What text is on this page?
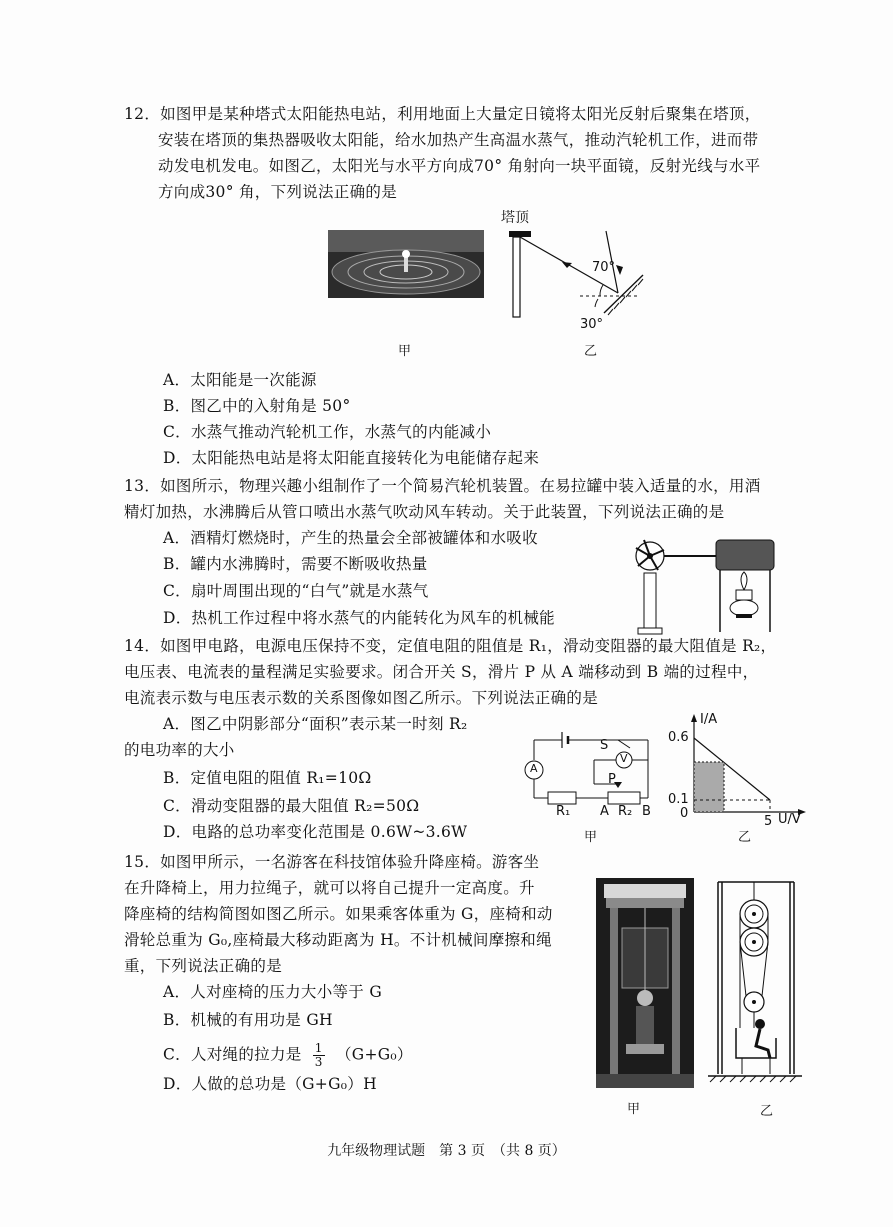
12．如图甲是某种塔式太阳能热电站，利用地面上大量定日镜将太阳光反射后聚集在塔顶，
安装在塔顶的集热器吸收太阳能，给水加热产生高温水蒸气，推动汽轮机工作，进而带
动发电机发电。如图乙，太阳光与水平方向成70° 角射向一块平面镜，反射光线与水平
方向成30° 角，下列说法正确的是
甲
塔顶
70°
30°
乙
A．太阳能是一次能源
B．图乙中的入射角是 50°
C．水蒸气推动汽轮机工作，水蒸气的内能减小
D．太阳能热电站是将太阳能直接转化为电能储存起来
13．如图所示，物理兴趣小组制作了一个简易汽轮机装置。在易拉罐中装入适量的水，用酒
精灯加热，水沸腾后从管口喷出水蒸气吹动风车转动。关于此装置，下列说法正确的是
A．酒精灯燃烧时，产生的热量会全部被罐体和水吸收
B．罐内水沸腾时，需要不断吸收热量
C．扇叶周围出现的“白气”就是水蒸气
D．热机工作过程中将水蒸气的内能转化为风车的机械能
14．如图甲电路，电源电压保持不变，定值电阻的阻值是 R₁，滑动变阻器的最大阻值是 R₂，
电压表、电流表的量程满足实验要求。闭合开关 S，滑片 P 从 A 端移动到 B 端的过程中，
电流表示数与电压表示数的关系图像如图乙所示。下列说法正确的是
A．图乙中阴影部分“面积”表示某一时刻 R₂
的电功率的大小
B．定值电阻的阻值 R₁=10Ω
C．滑动变阻器的最大阻值 R₂=50Ω
D．电路的总功率变化范围是 0.6W~3.6W
S
V
A
P
R₁ A R₂ B
甲
I/A
0.6
0.1
0
5 U/V
乙
15．如图甲所示，一名游客在科技馆体验升降座椅。游客坐
在升降椅上，用力拉绳子，就可以将自己提升一定高度。升
降座椅的结构简图如图乙所示。如果乘客体重为 G，座椅和动
滑轮总重为 G₀,座椅最大移动距离为 H。不计机械间摩擦和绳
重，下列说法正确的是
A．人对座椅的压力大小等于 G
B．机械的有用功是 GH
C．人对绳的拉力是 $\frac{1}{3} (G+G_0)$
D．人做的总功是（G+G₀）H
甲	乙
九年级物理试题　第 3 页　（共 8 页）
